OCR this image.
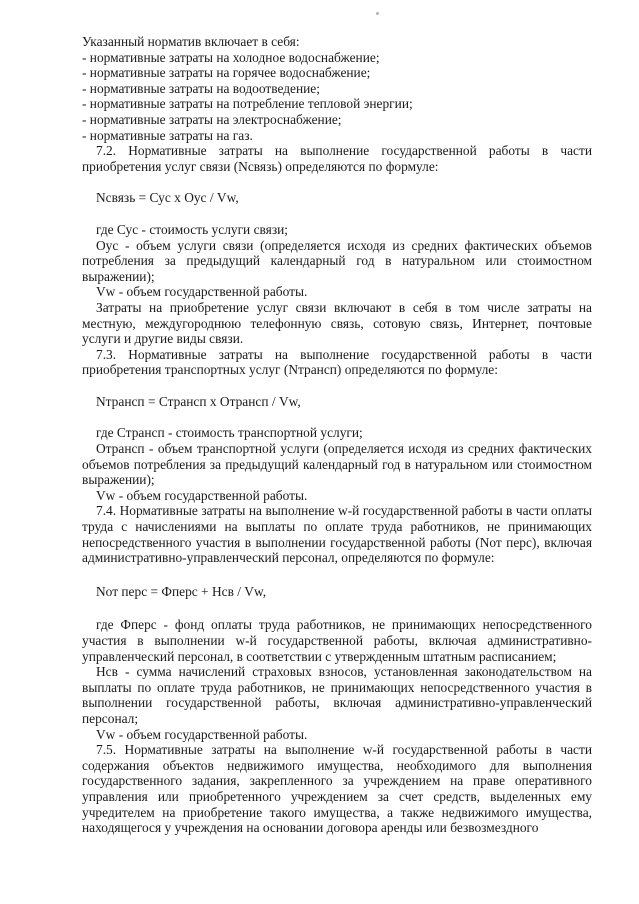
Указанный норматив включает в себя:

- нормативные затраты на холодное водоснабжение;

- нормативные затраты на горячее водоснабжение;

- нормативные затраты на водоотведение;

- нормативные затраты на потребление тепловой энергии;

- нормативные затраты на электроснабжение;

- нормативные затраты на газ.

7.2. Нормативные затраты на выполнение государственной работы в части приобретения услуг связи (Nсвязь) определяются по формуле:

Nсвязь = Сус x Оус / Vw,

где Сус - стоимость услуги связи;

Оус - объем услуги связи (определяется исходя из средних фактических объемов потребления за предыдущий календарный год в натуральном или стоимостном выражении);

Vw - объем государственной работы.

Затраты на приобретение услуг связи включают в себя в том числе затраты на местную, междугороднюю телефонную связь, сотовую связь, Интернет, почтовые услуги и другие виды связи.

7.3. Нормативные затраты на выполнение государственной работы в части приобретения транспортных услуг (Nтрансп) определяются по формуле:

Nтрансп = Странсп x Отрансп / Vw,

где Странсп - стоимость транспортной услуги;

Отрансп - объем транспортной услуги (определяется исходя из средних фактических объемов потребления за предыдущий календарный год в натуральном или стоимостном выражении);

Vw - объем государственной работы.

7.4. Нормативные затраты на выполнение w-й государственной работы в части оплаты труда с начислениями на выплаты по оплате труда работников, не принимающих непосредственного участия в выполнении государственной работы (Nот перс), включая административно-управленческий персонал, определяются по формуле:

Nот перс = Фперс + Нсв / Vw,

где Фперс - фонд оплаты труда работников, не принимающих непосредственного участия в выполнении w-й государственной работы, включая административно-управленческий персонал, в соответствии с утвержденным штатным расписанием;

Нсв - сумма начислений страховых взносов, установленная законодательством на выплаты по оплате труда работников, не принимающих непосредственного участия в выполнении государственной работы, включая административно-управленческий персонал;

Vw - объем государственной работы.

7.5. Нормативные затраты на выполнение w-й государственной работы в части содержания объектов недвижимого имущества, необходимого для выполнения государственного задания, закрепленного за учреждением на праве оперативного управления или приобретенного учреждением за счет средств, выделенных ему учредителем на приобретение такого имущества, а также недвижимого имущества, находящегося у учреждения на основании договора аренды или безвозмездного
